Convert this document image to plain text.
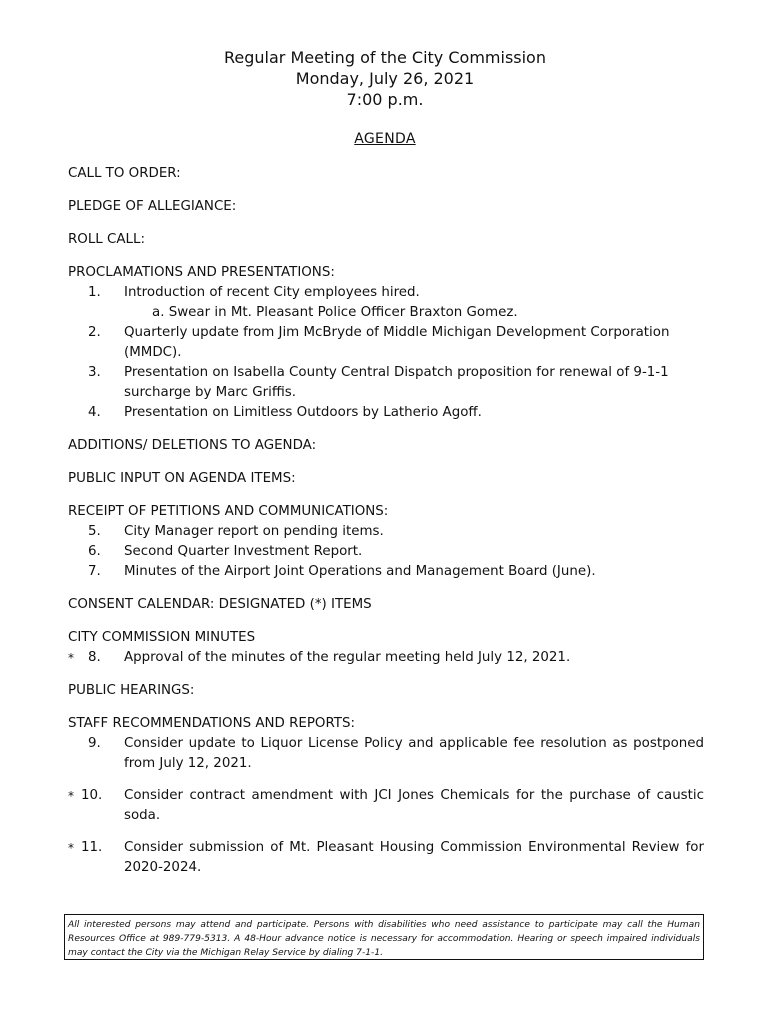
Regular Meeting of the City Commission
Monday, July 26, 2021
7:00 p.m.
AGENDA
CALL TO ORDER:
PLEDGE OF ALLEGIANCE:
ROLL CALL:
PROCLAMATIONS AND PRESENTATIONS:
1.	Introduction of recent City employees hired.
a. Swear in Mt. Pleasant Police Officer Braxton Gomez.
2.	Quarterly update from Jim McBryde of Middle Michigan Development Corporation (MMDC).
3.	Presentation on Isabella County Central Dispatch proposition for renewal of 9-1-1 surcharge by Marc Griffis.
4.	Presentation on Limitless Outdoors by Latherio Agoff.
ADDITIONS/ DELETIONS TO AGENDA:
PUBLIC INPUT ON AGENDA ITEMS:
RECEIPT OF PETITIONS AND COMMUNICATIONS:
5.	City Manager report on pending items.
6.	Second Quarter Investment Report.
7.	Minutes of the Airport Joint Operations and Management Board (June).
CONSENT CALENDAR: DESIGNATED (*) ITEMS
CITY COMMISSION MINUTES
* 8.	Approval of the minutes of the regular meeting held July 12, 2021.
PUBLIC HEARINGS:
STAFF RECOMMENDATIONS AND REPORTS:
9.	Consider update to Liquor License Policy and applicable fee resolution as postponed from July 12, 2021.
* 10.	Consider contract amendment with JCI Jones Chemicals for the purchase of caustic soda.
* 11.	Consider submission of Mt. Pleasant Housing Commission Environmental Review for 2020-2024.
All interested persons may attend and participate. Persons with disabilities who need assistance to participate may call the Human Resources Office at 989-779-5313. A 48-Hour advance notice is necessary for accommodation. Hearing or speech impaired individuals may contact the City via the Michigan Relay Service by dialing 7-1-1.
